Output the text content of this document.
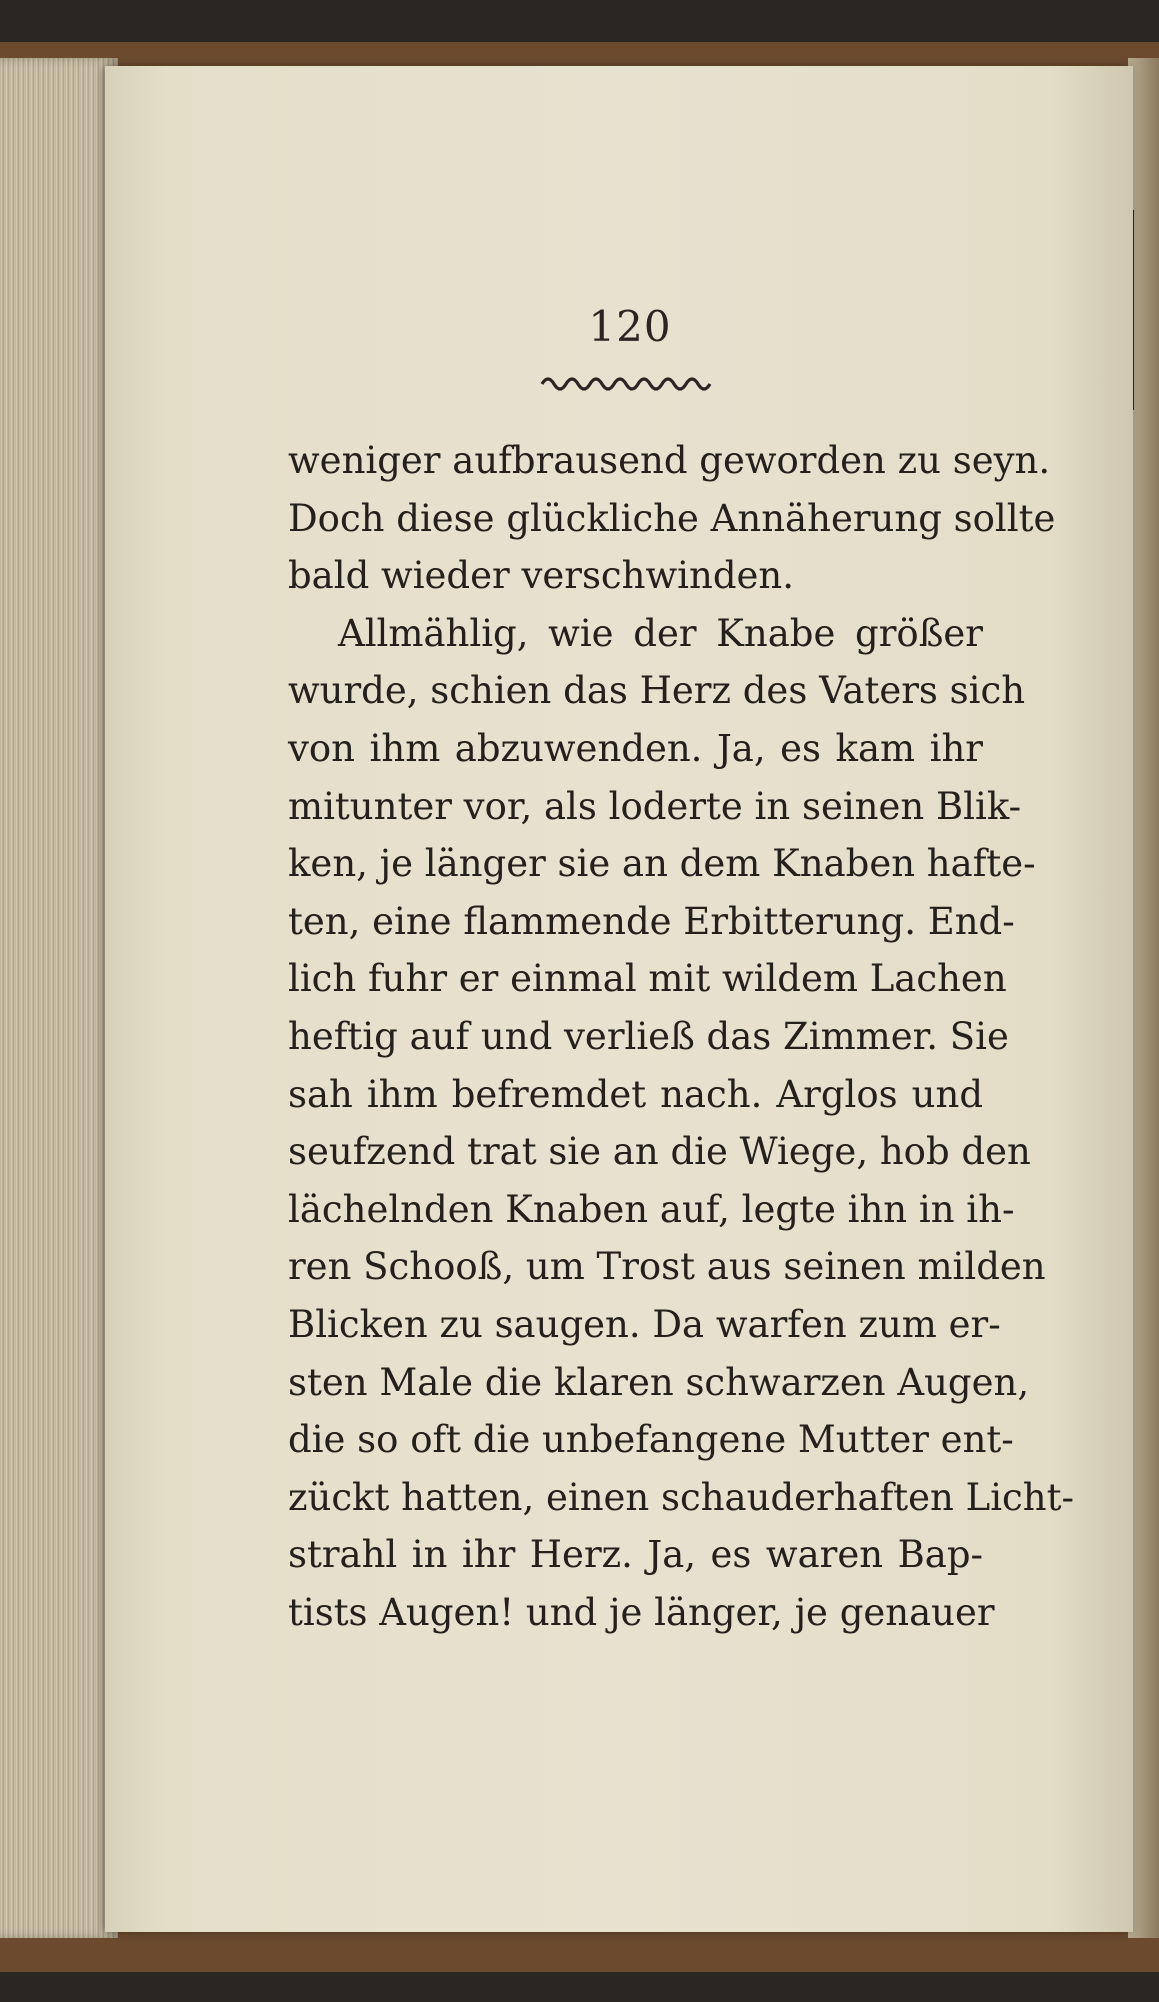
120
weniger aufbrausend geworden zu seyn.
Doch diese glückliche Annäherung sollte
bald wieder verschwinden.
Allmählig, wie der Knabe größer
wurde, schien das Herz des Vaters sich
von ihm abzuwenden. Ja, es kam ihr
mitunter vor, als loderte in seinen Blik-
ken, je länger sie an dem Knaben hafte-
ten, eine flammende Erbitterung. End-
lich fuhr er einmal mit wildem Lachen
heftig auf und verließ das Zimmer. Sie
sah ihm befremdet nach. Arglos und
seufzend trat sie an die Wiege, hob den
lächelnden Knaben auf, legte ihn in ih-
ren Schooß, um Trost aus seinen milden
Blicken zu saugen. Da warfen zum er-
sten Male die klaren schwarzen Augen,
die so oft die unbefangene Mutter ent-
zückt hatten, einen schauderhaften Licht-
strahl in ihr Herz. Ja, es waren Bap-
tists Augen! und je länger, je genauer
